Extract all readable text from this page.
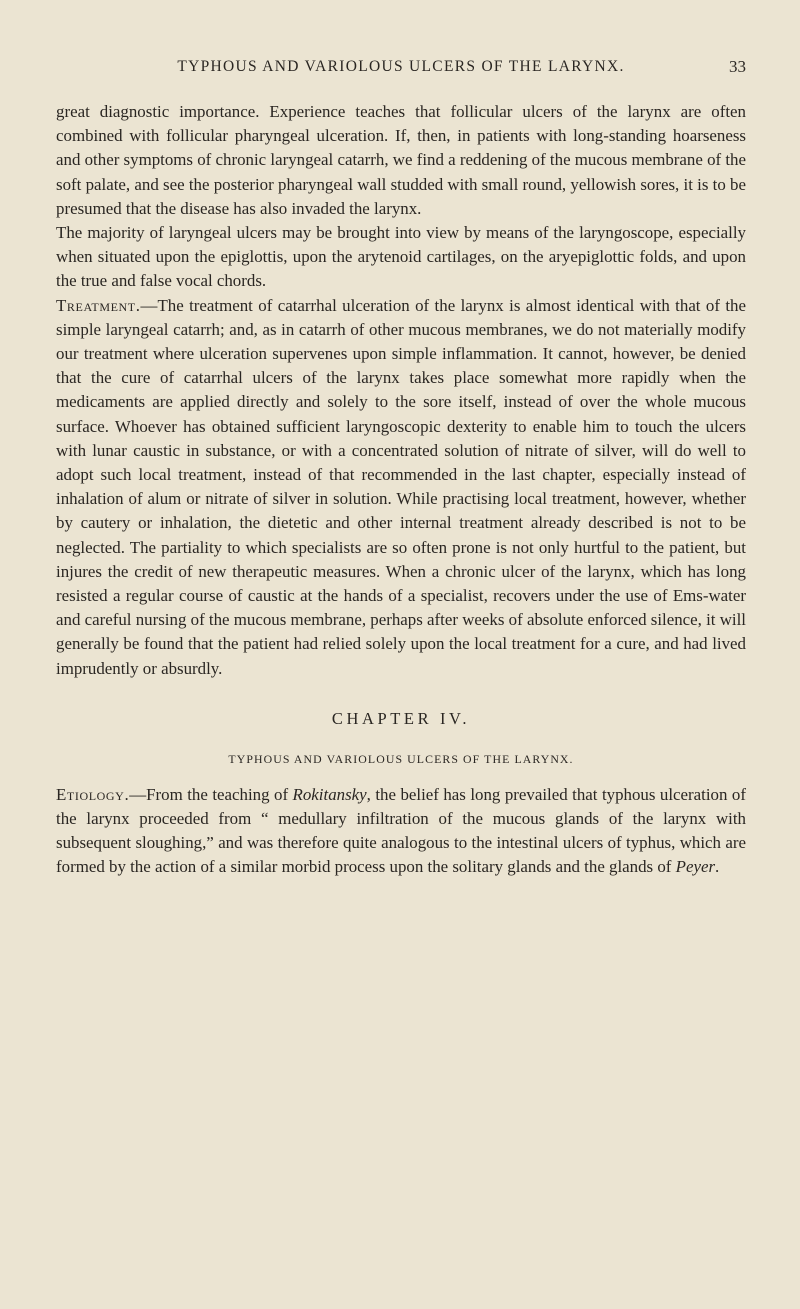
TYPHOUS AND VARIOLOUS ULCERS OF THE LARYNX.	33

great diagnostic importance. Experience teaches that follicular ulcers of the larynx are often combined with follicular pharyngeal ulceration. If, then, in patients with long-standing hoarseness and other symptoms of chronic laryngeal catarrh, we find a reddening of the mucous membrane of the soft palate, and see the posterior pharyngeal wall studded with small round, yellowish sores, it is to be presumed that the disease has also invaded the larynx.

The majority of laryngeal ulcers may be brought into view by means of the laryngoscope, especially when situated upon the epiglottis, upon the arytenoid cartilages, on the aryepiglottic folds, and upon the true and false vocal chords.

Treatment.—The treatment of catarrhal ulceration of the larynx is almost identical with that of the simple laryngeal catarrh; and, as in catarrh of other mucous membranes, we do not materially modify our treatment where ulceration supervenes upon simple inflammation. It cannot, however, be denied that the cure of catarrhal ulcers of the larynx takes place somewhat more rapidly when the medicaments are applied directly and solely to the sore itself, instead of over the whole mucous surface. Whoever has obtained sufficient laryngoscopic dexterity to enable him to touch the ulcers with lunar caustic in substance, or with a concentrated solution of nitrate of silver, will do well to adopt such local treatment, instead of that recommended in the last chapter, especially instead of inhalation of alum or nitrate of silver in solution. While practising local treatment, however, whether by cautery or inhalation, the dietetic and other internal treatment already described is not to be neglected. The partiality to which specialists are so often prone is not only hurtful to the patient, but injures the credit of new therapeutic measures. When a chronic ulcer of the larynx, which has long resisted a regular course of caustic at the hands of a specialist, recovers under the use of Ems-water and careful nursing of the mucous membrane, perhaps after weeks of absolute enforced silence, it will generally be found that the patient had relied solely upon the local treatment for a cure, and had lived imprudently or absurdly.

CHAPTER IV.

TYPHOUS AND VARIOLOUS ULCERS OF THE LARYNX.

Etiology.—From the teaching of Rokitansky, the belief has long prevailed that typhous ulceration of the larynx proceeded from “ medullary infiltration of the mucous glands of the larynx with subsequent sloughing,” and was therefore quite analogous to the intestinal ulcers of typhus, which are formed by the action of a similar morbid process upon the solitary glands and the glands of Peyer.
